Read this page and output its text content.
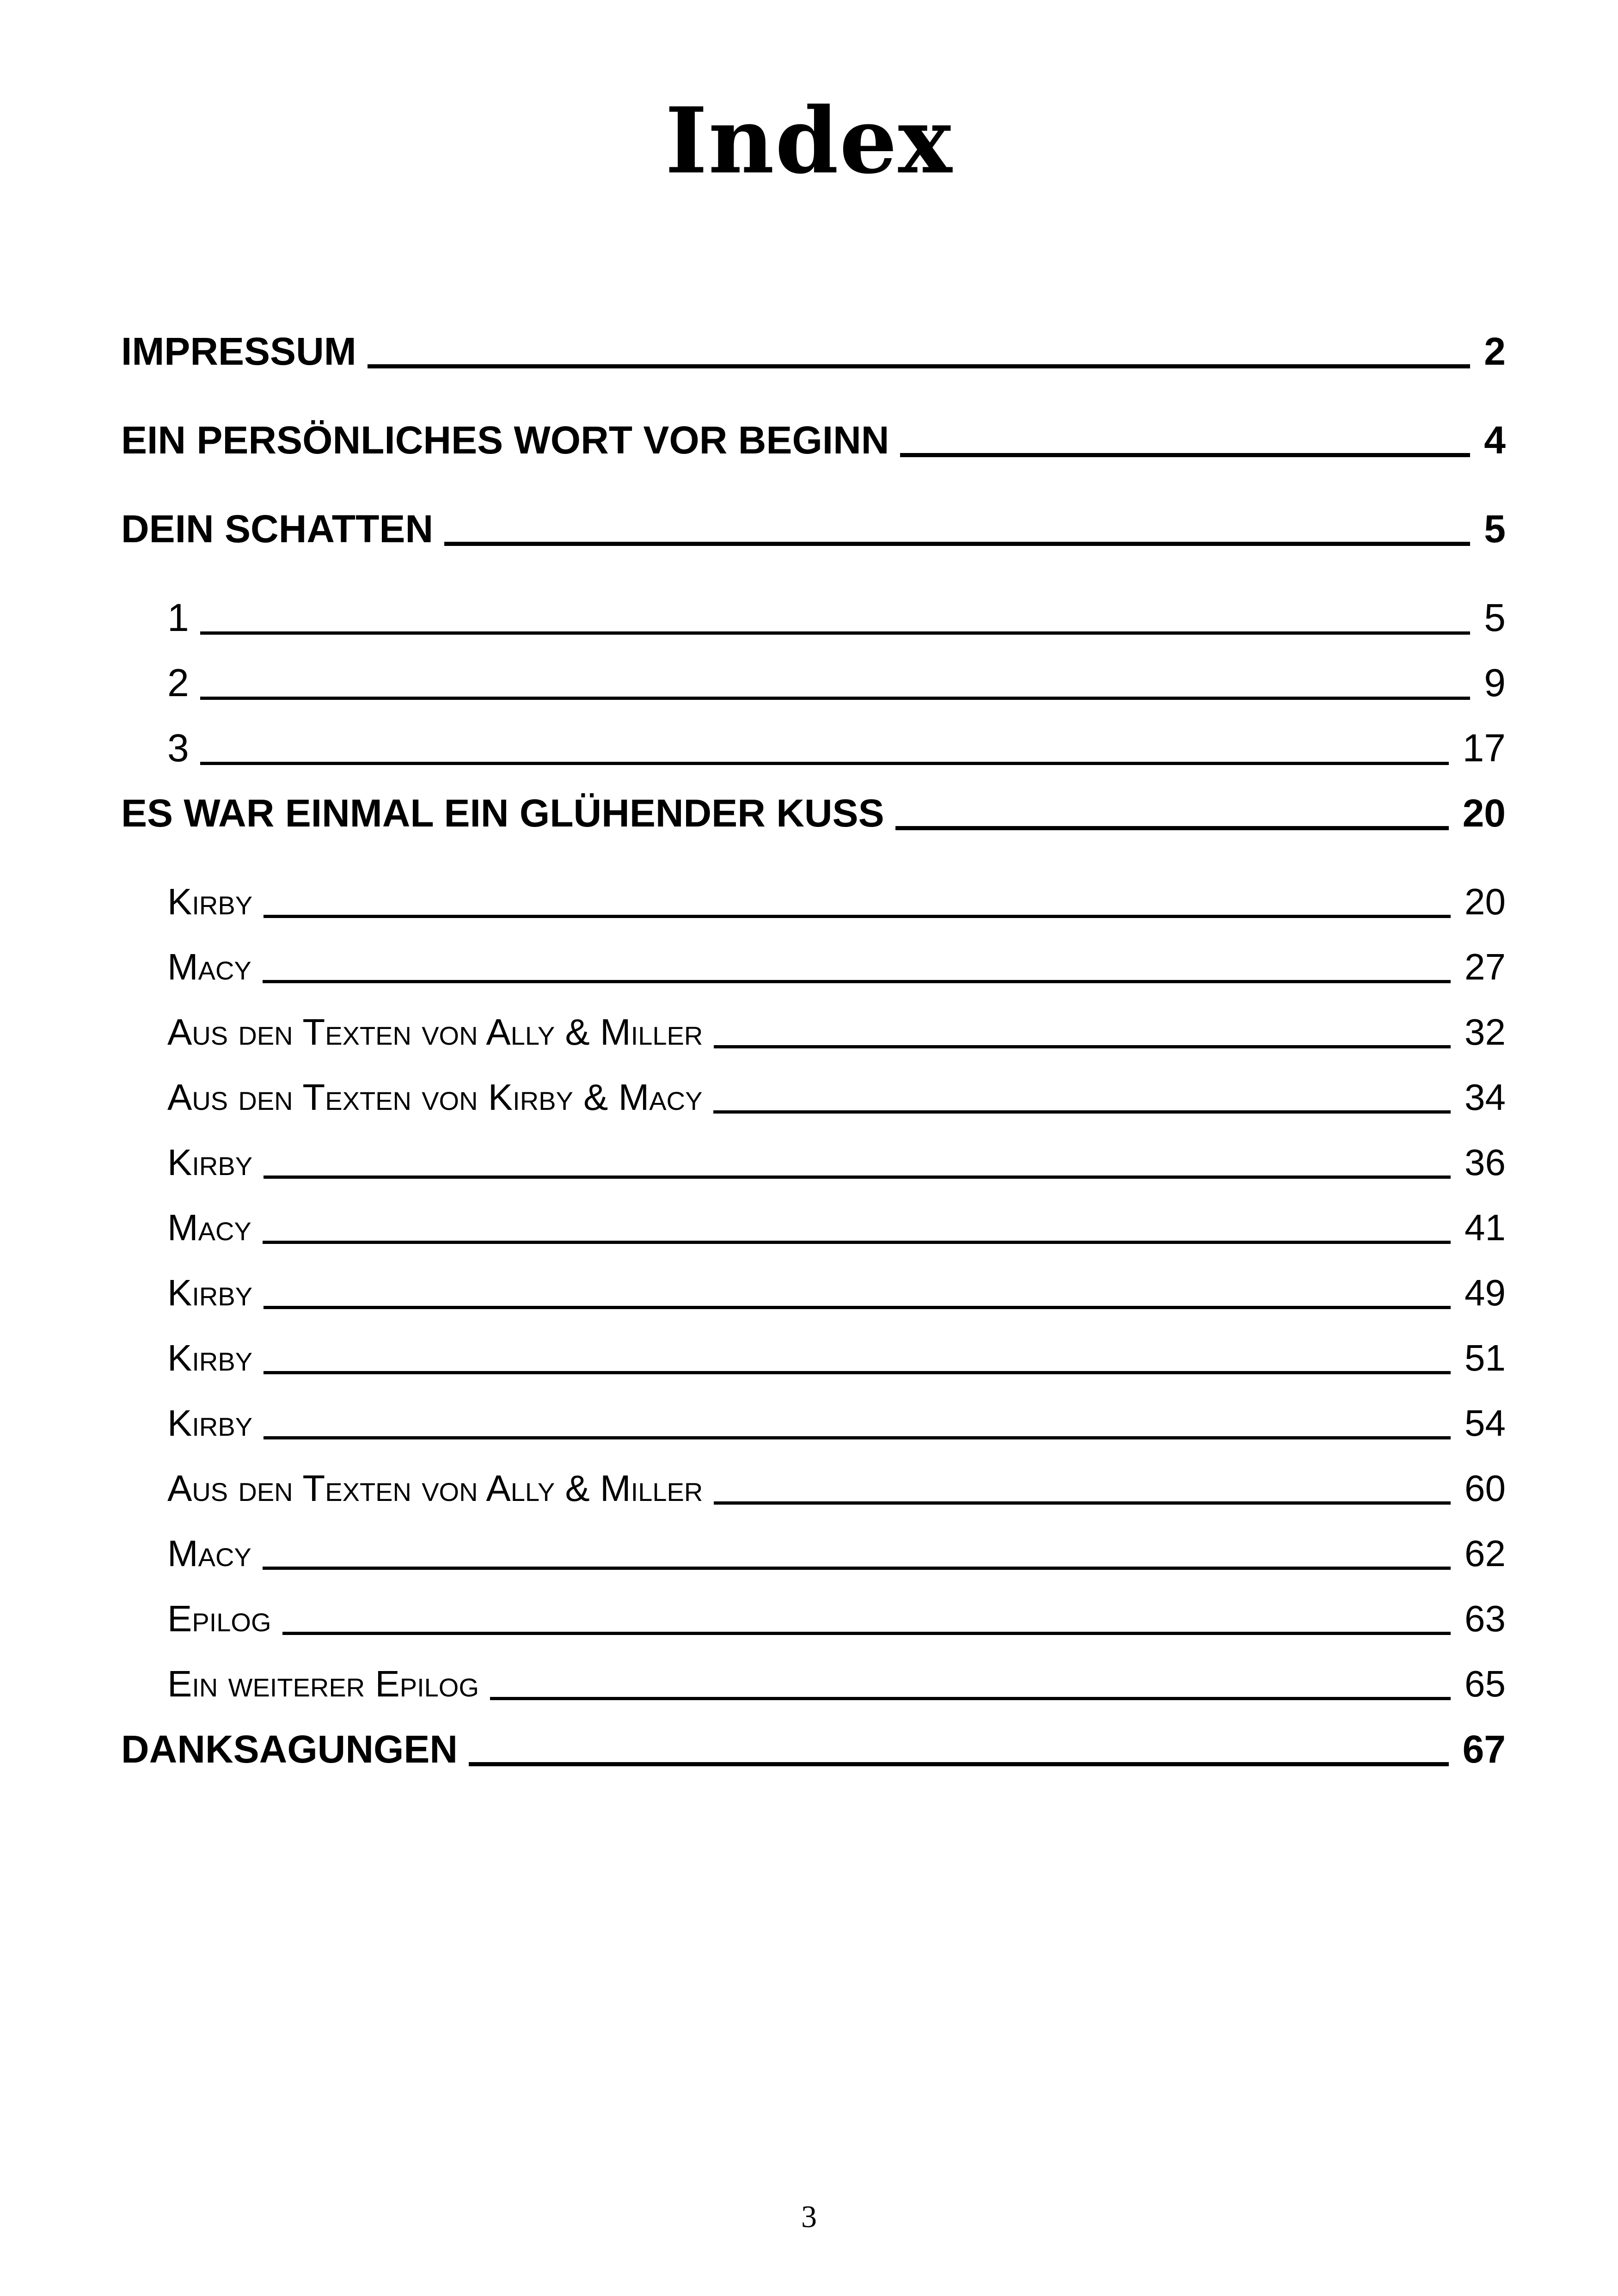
Index
IMPRESSUM	2
EIN PERSÖNLICHES WORT VOR BEGINN	4
DEIN SCHATTEN	5
1	5
2	9
3	17
ES WAR EINMAL EIN GLÜHENDER KUSS	20
Kirby	20
Macy	27
Aus den Texten von Ally & Miller	32
Aus den Texten von Kirby & Macy	34
Kirby	36
Macy	41
Kirby	49
Kirby	51
Kirby	54
Aus den Texten von Ally & Miller	60
Macy	62
Epilog	63
Ein weiterer Epilog	65
DANKSAGUNGEN	67
3
